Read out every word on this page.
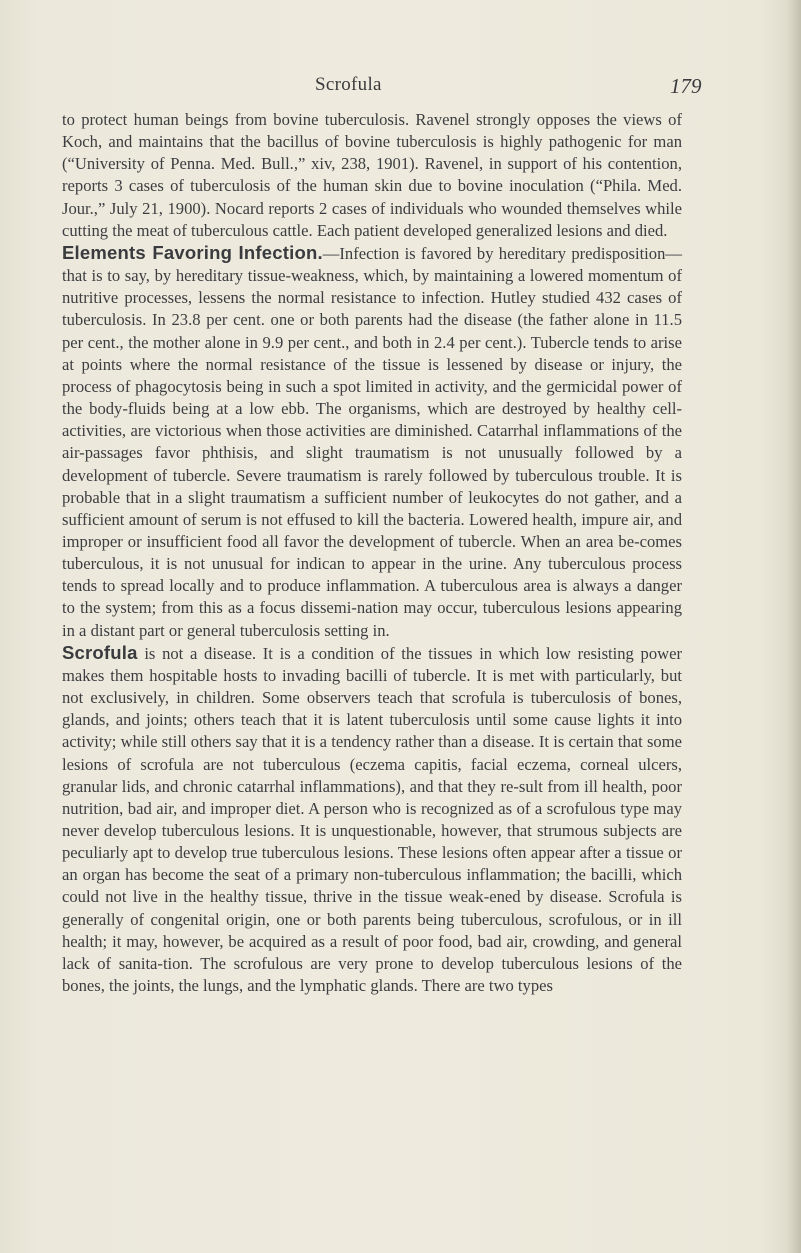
Scrofula	179

to protect human beings from bovine tuberculosis. Ravenel strongly opposes the views of Koch, and maintains that the bacillus of bovine tuberculosis is highly pathogenic for man (“University of Penna. Med. Bull.,” xiv, 238, 1901). Ravenel, in support of his contention, reports 3 cases of tuberculosis of the human skin due to bovine inoculation (“Phila. Med. Jour.,” July 21, 1900). Nocard reports 2 cases of individuals who wounded themselves while cutting the meat of tuberculous cattle. Each patient developed generalized lesions and died.

Elements Favoring Infection.—Infection is favored by hereditary predisposition—that is to say, by hereditary tissue-weakness, which, by maintaining a lowered momentum of nutritive processes, lessens the normal resistance to infection. Hutley studied 432 cases of tuberculosis. In 23.8 per cent. one or both parents had the disease (the father alone in 11.5 per cent., the mother alone in 9.9 per cent., and both in 2.4 per cent.). Tubercle tends to arise at points where the normal resistance of the tissue is lessened by disease or injury, the process of phagocytosis being in such a spot limited in activity, and the germicidal power of the body-fluids being at a low ebb. The organisms, which are destroyed by healthy cell-activities, are victorious when those activities are diminished. Catarrhal inflammations of the air-passages favor phthisis, and slight traumatism is not unusually followed by a development of tubercle. Severe traumatism is rarely followed by tuberculous trouble. It is probable that in a slight traumatism a sufficient number of leukocytes do not gather, and a sufficient amount of serum is not effused to kill the bacteria. Lowered health, impure air, and improper or insufficient food all favor the development of tubercle. When an area be-comes tuberculous, it is not unusual for indican to appear in the urine. Any tuberculous process tends to spread locally and to produce inflammation. A tuberculous area is always a danger to the system; from this as a focus dissemi-nation may occur, tuberculous lesions appearing in a distant part or general tuberculosis setting in.

Scrofula is not a disease. It is a condition of the tissues in which low resisting power makes them hospitable hosts to invading bacilli of tubercle. It is met with particularly, but not exclusively, in children. Some observers teach that scrofula is tuberculosis of bones, glands, and joints; others teach that it is latent tuberculosis until some cause lights it into activity; while still others say that it is a tendency rather than a disease. It is certain that some lesions of scrofula are not tuberculous (eczema capitis, facial eczema, corneal ulcers, granular lids, and chronic catarrhal inflammations), and that they re-sult from ill health, poor nutrition, bad air, and improper diet. A person who is recognized as of a scrofulous type may never develop tuberculous lesions. It is unquestionable, however, that strumous subjects are peculiarly apt to develop true tuberculous lesions. These lesions often appear after a tissue or an organ has become the seat of a primary non-tuberculous inflammation; the bacilli, which could not live in the healthy tissue, thrive in the tissue weak-ened by disease. Scrofula is generally of congenital origin, one or both parents being tuberculous, scrofulous, or in ill health; it may, however, be acquired as a result of poor food, bad air, crowding, and general lack of sanita-tion. The scrofulous are very prone to develop tuberculous lesions of the bones, the joints, the lungs, and the lymphatic glands. There are two types
